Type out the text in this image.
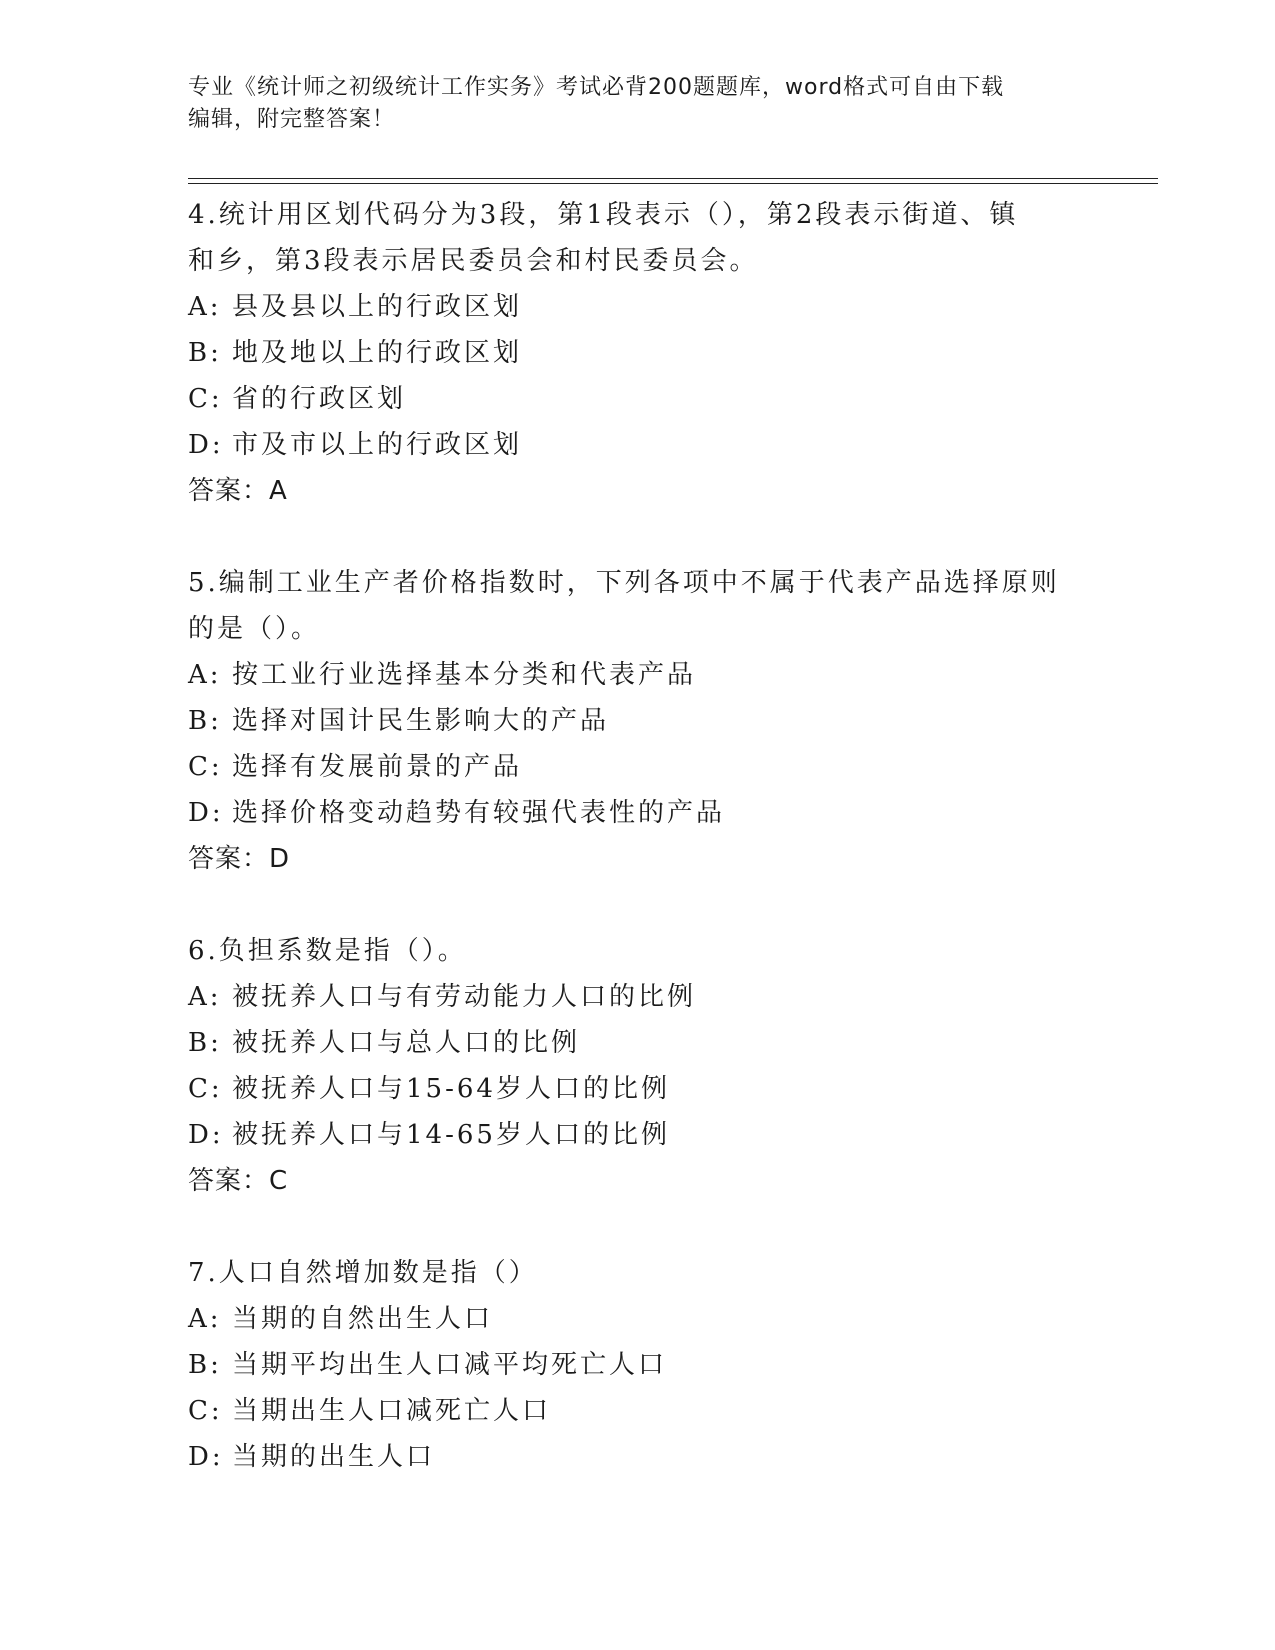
专业《统计师之初级统计工作实务》考试必背200题题库，word格式可自由下载
编辑，附完整答案！
4.统计用区划代码分为3段，第1段表示（），第2段表示街道、镇
和乡，第3段表示居民委员会和村民委员会。
A: 县及县以上的行政区划
B: 地及地以上的行政区划
C: 省的行政区划
D: 市及市以上的行政区划
答案：A
5.编制工业生产者价格指数时，下列各项中不属于代表产品选择原则
的是（）。
A: 按工业行业选择基本分类和代表产品
B: 选择对国计民生影响大的产品
C: 选择有发展前景的产品
D: 选择价格变动趋势有较强代表性的产品
答案：D
6.负担系数是指（）。
A: 被抚养人口与有劳动能力人口的比例
B: 被抚养人口与总人口的比例
C: 被抚养人口与15-64岁人口的比例
D: 被抚养人口与14-65岁人口的比例
答案：C
7.人口自然增加数是指（）
A: 当期的自然出生人口
B: 当期平均出生人口减平均死亡人口
C: 当期出生人口减死亡人口
D: 当期的出生人口
